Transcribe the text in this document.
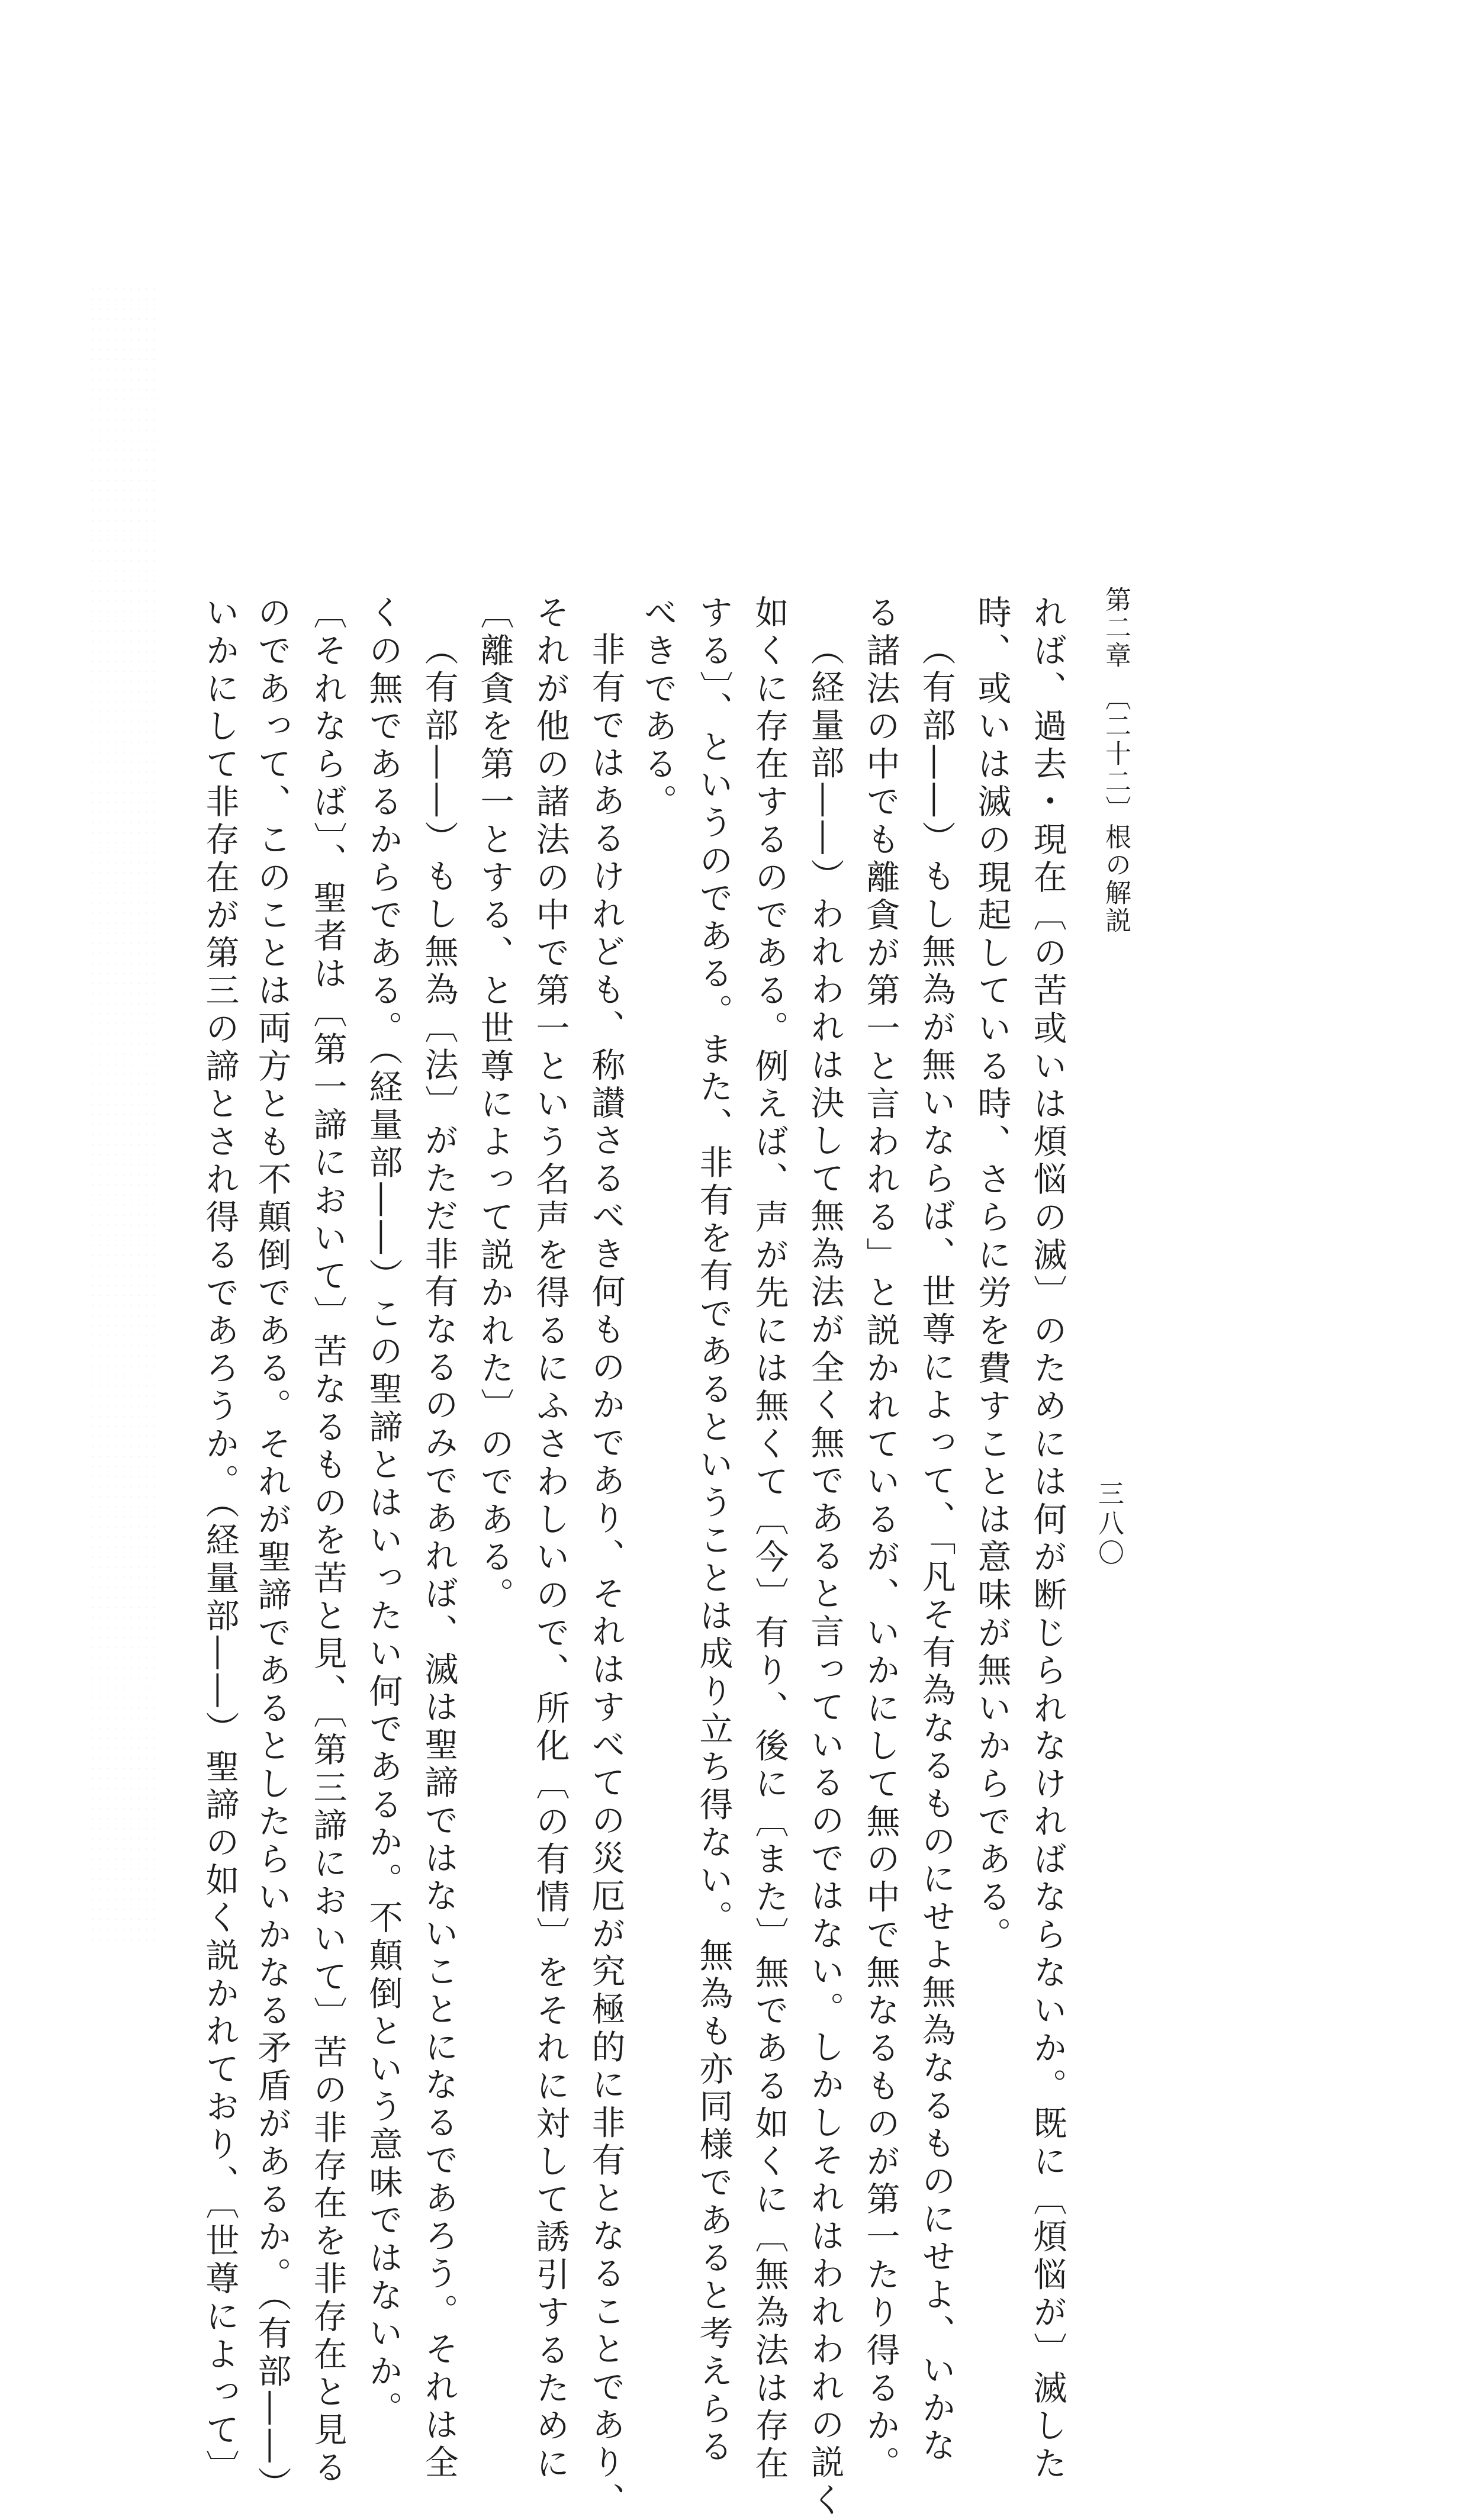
第二章　〔二十二〕根の解説
三八〇
れば、過去・現在〔の苦或いは煩悩の滅〕のためには何が断じられなければならないか。既に〔煩悩が〕滅した
時、或いは滅の現起している時、さらに労を費すことは意味が無いからである。
（有部――）もし無為が無いならば、世尊によって、「凡そ有為なるものにせよ無為なるものにせよ、いかな
る諸法の中でも離貪が第一と言われる」と説かれているが、いかにして無の中で無なるものが第一たり得るか。
（経量部――）われわれは決して無為法が全く無であると言っているのではない。しかしそれはわれわれの説く
如くに存在するのである。例えば、声が先には無くて〔今〕有り、後に〔また〕無である如くに〔無為法は存在
する〕、というのである。また、非有を有であるということは成り立ち得ない。無為も亦同様であると考えらる
べきである。
非有ではあるけれども、称讃さるべき何ものかであり、それはすべての災厄が究極的に非有となることであり、
それが他の諸法の中で第一という名声を得るにふさわしいので、所化〔の有情〕をそれに対して誘引するために
〔離貪を第一とする、と世尊によって説かれた〕のである。
（有部――）もし無為〔法〕がただ非有なるのみであれば、滅は聖諦ではないことになるであろう。それは全
くの無であるからである。（経量部――）この聖諦とはいったい何であるか。不顛倒という意味ではないか。
〔それならば〕、聖者は〔第一諦において〕苦なるものを苦と見、〔第三諦において〕苦の非存在を非存在と見る
のであって、このことは両方とも不顛倒である。それが聖諦であるとしたらいかなる矛盾があるか。（有部――）
いかにして非存在が第三の諦とされ得るであろうか。（経量部――）聖諦の如く説かれており、〔世尊によって〕
